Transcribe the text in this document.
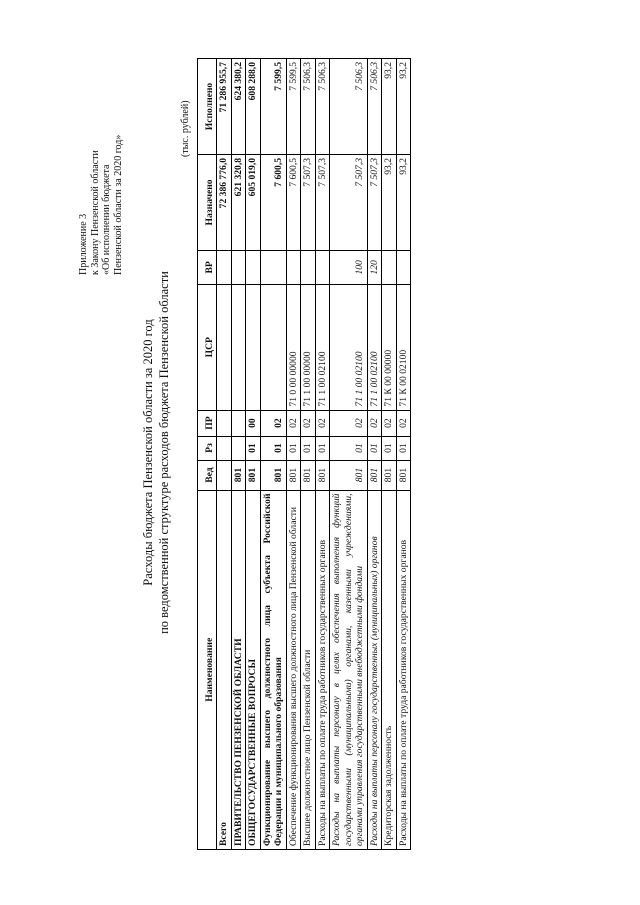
Приложение 3 к Закону Пензенской области «Об исполнении бюджета Пензенской области за 2020 год»
Расходы бюджета Пензенской области за 2020 год по ведомственной структуре расходов бюджета Пензенской области
(тыс. рублей)
Наименование	Вед	Рз	ПР	ЦСР	ВР	Назначено	Исполнено
Всего						72 386 776,0	71 286 955,7
ПРАВИТЕЛЬСТВО ПЕНЗЕНСКОЙ ОБЛАСТИ	801					621 320,8	624 380,2
ОБЩЕГОСУДАРСТВЕННЫЕ ВОПРОСЫ	801	01	00			605 019,0	608 288,0
Функционирование высшего должностного лица субъекта Российской Федерации и муниципального образования	801	01	02			7 600,5	7 599,5
Обеспечение функционирования высшего должностного лица Пензенской области	801	01	02	71 0 00 00000		7 600,5	7 599,5
Высшее должностное лицо Пензенской области	801	01	02	71 1 00 00000		7 507,3	7 506,3
Расходы на выплаты по оплате труда работников государственных органов	801	01	02	71 1 00 02100		7 507,3	7 506,3
Расходы на выплаты персоналу в целях обеспечения выполнения функций государственными (муниципальными) органами, казенными учреждениями, органами управления государственными внебюджетными фондами	801	01	02	71 1 00 02100	100	7 507,3	7 506,3
Расходы на выплаты персоналу государственных (муниципальных) органов	801	01	02	71 1 00 02100	120	7 507,3	7 506,3
Кредиторская задолженность	801	01	02	71 К 00 00000		93,2	93,2
Расходы на выплаты по оплате труда работников государственных органов	801	01	02	71 К 00 02100		93,2	93,2
